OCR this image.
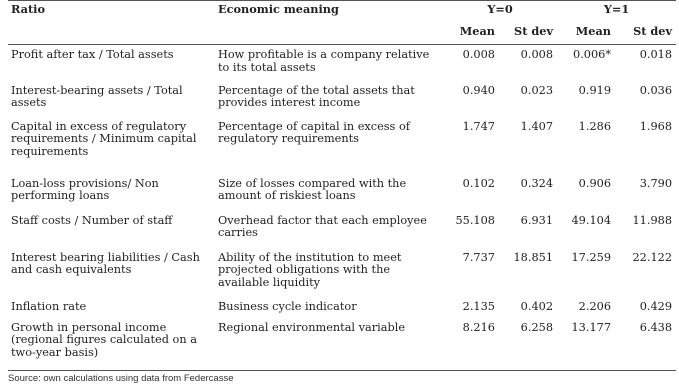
Ratio	Economic meaning	Y=0		Y=1	
		Mean	St dev	Mean	St dev
Profit after tax / Total assets	How profitable is a company relative to its total assets	0.008	0.008	0.006*	0.018
Interest-bearing assets / Total assets	Percentage of the total assets that provides interest income	0.940	0.023	0.919	0.036
Capital in excess of regulatory requirements / Minimum capital requirements	Percentage of capital in excess of regulatory requirements	1.747	1.407	1.286	1.968
Loan-loss provisions/ Non performing loans	Size of losses compared with the amount of riskiest loans	0.102	0.324	0.906	3.790
Staff costs / Number of staff	Overhead factor that each employee carries	55.108	6.931	49.104	11.988
Interest bearing liabilities / Cash and cash equivalents	Ability of the institution to meet projected obligations with the available liquidity	7.737	18.851	17.259	22.122
Inflation rate	Business cycle indicator	2.135	0.402	2.206	0.429
Growth in personal income (regional figures calculated on a two-year basis)	Regional environmental variable	8.216	6.258	13.177	6.438
Source: own calculations using data from Federcasse
